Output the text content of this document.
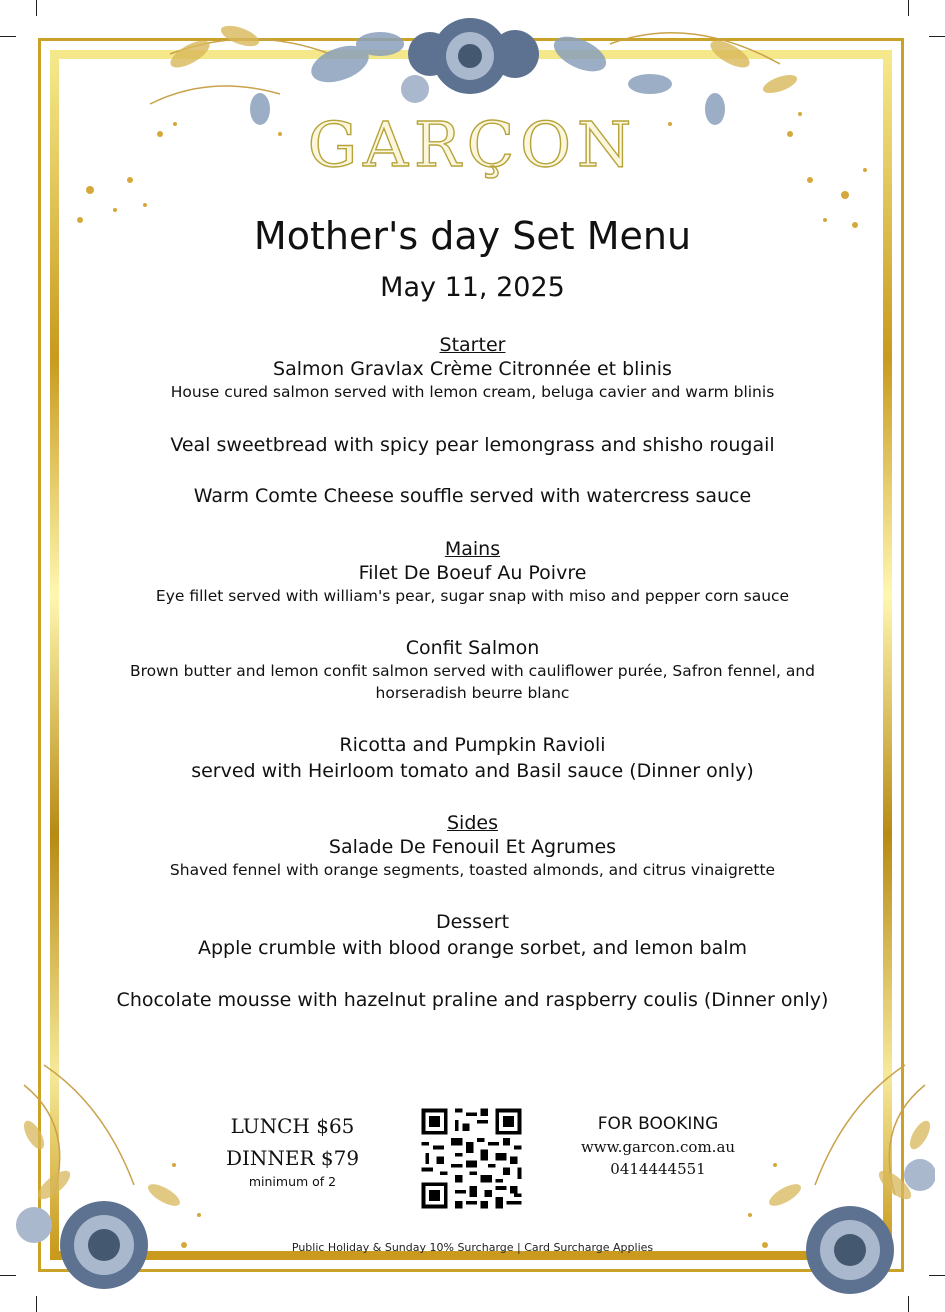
GARÇON
Mother's day Set Menu
May 11, 2025
Starter
Salmon Gravlax Crème Citronnée et blinis
House cured salmon served with lemon cream, beluga cavier and warm blinis
Veal sweetbread with spicy pear lemongrass and shisho rougail
Warm Comte Cheese souffle served with watercress sauce
Mains
Filet De Boeuf Au Poivre
Eye fillet served with william's pear, sugar snap with miso and pepper corn sauce
Confit Salmon
Brown butter and lemon confit salmon served with cauliflower purée, Safron fennel, and
horseradish beurre blanc
Ricotta and Pumpkin Ravioli
served with Heirloom tomato and Basil sauce (Dinner only)
Sides
Salade De Fenouil Et Agrumes
Shaved fennel with orange segments, toasted almonds, and citrus vinaigrette
Dessert
Apple crumble with blood orange sorbet, and lemon balm
Chocolate mousse with hazelnut praline and raspberry coulis (Dinner only)
LUNCH $65
DINNER $79
minimum of 2
FOR BOOKING
www.garcon.com.au
0414444551
Public Holiday & Sunday 10% Surcharge | Card Surcharge Applies
